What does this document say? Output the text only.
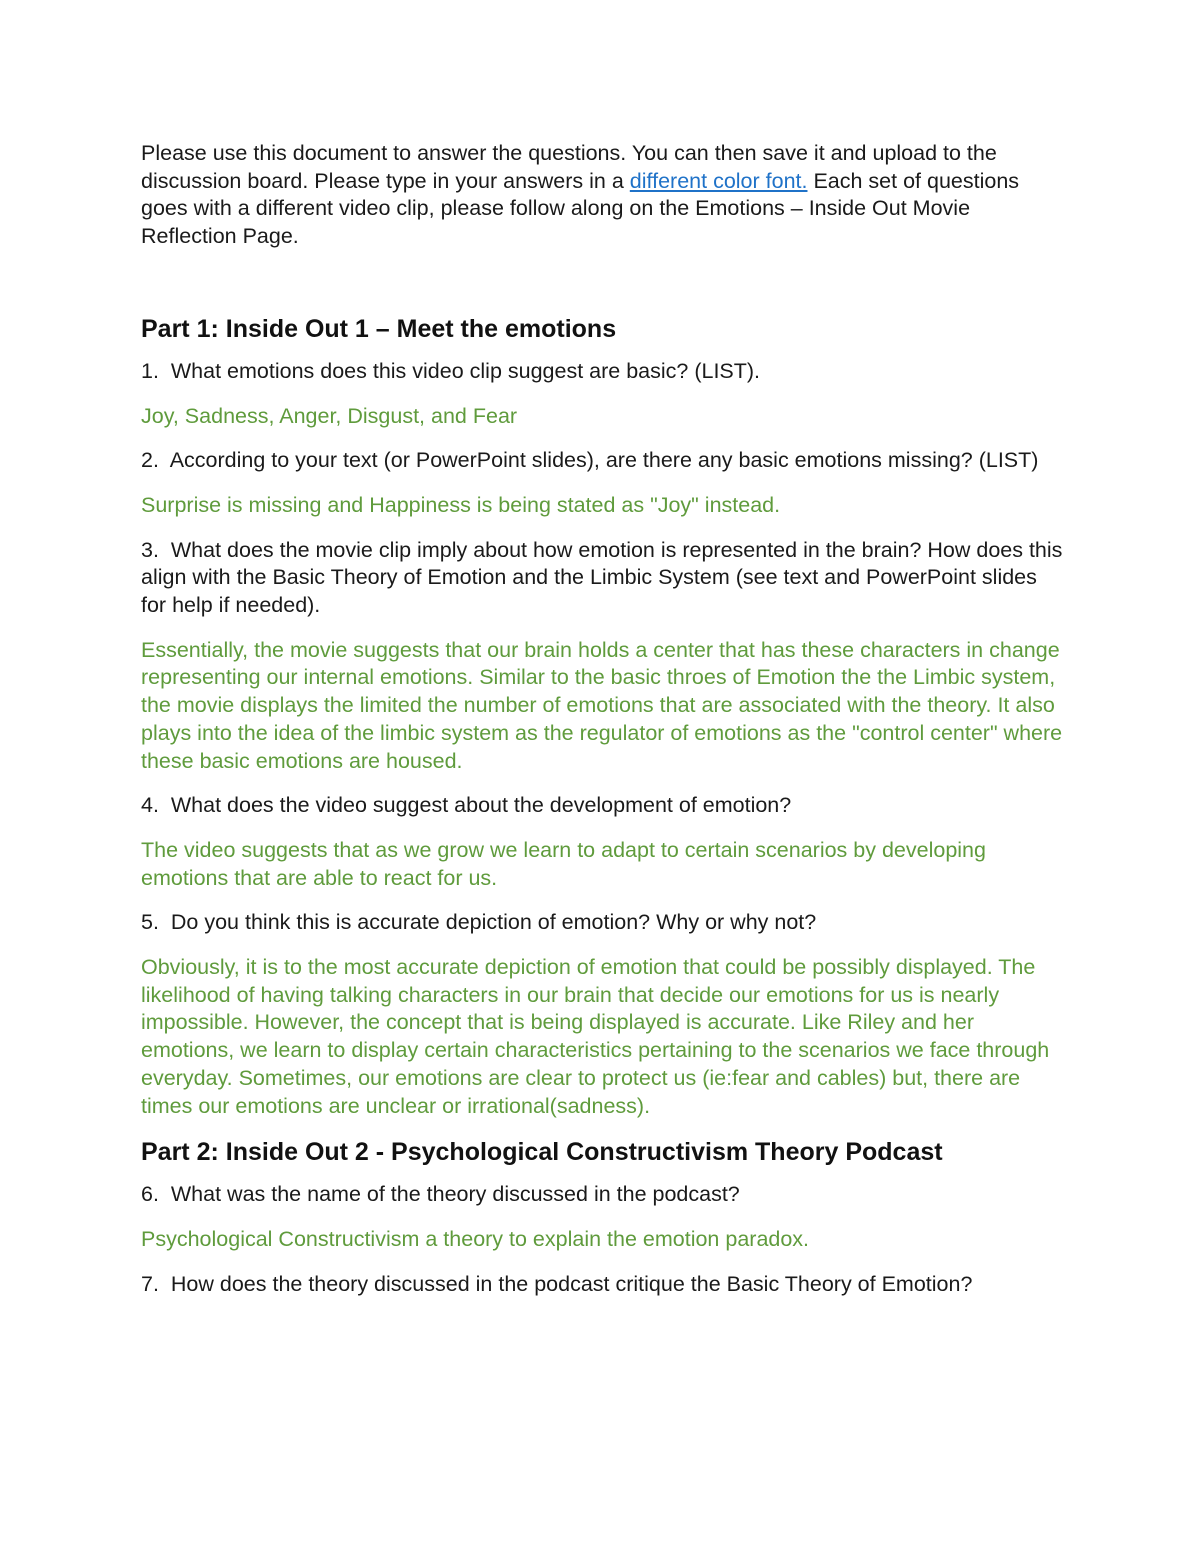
Please use this document to answer the questions. You can then save it and upload to the discussion board. Please type in your answers in a different color font. Each set of questions goes with a different video clip, please follow along on the Emotions – Inside Out Movie Reflection Page.

Part 1: Inside Out 1 – Meet the emotions

1. What emotions does this video clip suggest are basic? (LIST).

Joy, Sadness, Anger, Disgust, and Fear

2. According to your text (or PowerPoint slides), are there any basic emotions missing? (LIST)

Surprise is missing and Happiness is being stated as "Joy" instead.

3. What does the movie clip imply about how emotion is represented in the brain? How does this align with the Basic Theory of Emotion and the Limbic System (see text and PowerPoint slides for help if needed).

Essentially, the movie suggests that our brain holds a center that has these characters in change representing our internal emotions. Similar to the basic throes of Emotion the the Limbic system, the movie displays the limited the number of emotions that are associated with the theory. It also plays into the idea of the limbic system as the regulator of emotions as the "control center" where these basic emotions are housed.

4. What does the video suggest about the development of emotion?

The video suggests that as we grow we learn to adapt to certain scenarios by developing emotions that are able to react for us.

5. Do you think this is accurate depiction of emotion? Why or why not?

Obviously, it is to the most accurate depiction of emotion that could be possibly displayed. The likelihood of having talking characters in our brain that decide our emotions for us is nearly impossible. However, the concept that is being displayed is accurate. Like Riley and her emotions, we learn to display certain characteristics pertaining to the scenarios we face through everyday. Sometimes, our emotions are clear to protect us (ie:fear and cables) but, there are times our emotions are unclear or irrational(sadness).

Part 2: Inside Out 2 - Psychological Constructivism Theory Podcast

6. What was the name of the theory discussed in the podcast?

Psychological Constructivism a theory to explain the emotion paradox.

7. How does the theory discussed in the podcast critique the Basic Theory of Emotion?
